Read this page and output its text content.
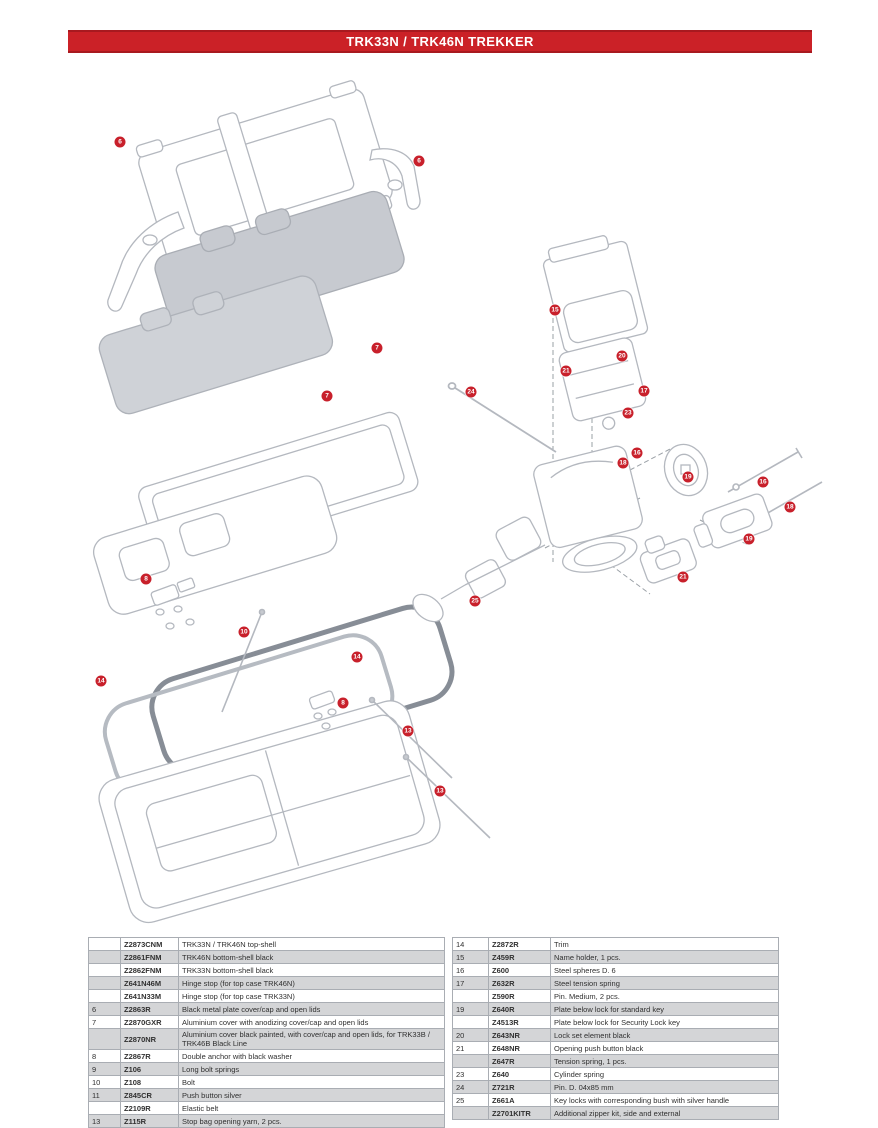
TRK33N / TRK46N TREKKER
6
6
7
7
8
10
14
14
8
13
13
15
20
21
17
23
24
16
18
19
16
18
19
21
25
	Z2873CNM	TRK33N / TRK46N top-shell
	Z2861FNM	TRK46N bottom-shell black
	Z2862FNM	TRK33N bottom-shell black
	Z641N46M	Hinge stop (for top case TRK46N)
	Z641N33M	Hinge stop (for top case TRK33N)
6	Z2863R	Black metal plate cover/cap and open lids
7	Z2870GXR	Aluminium cover with anodizing cover/cap and open lids
	Z2870NR	Aluminium cover black painted, with cover/cap and open lids, for TRK33B / TRK46B Black Line
8	Z2867R	Double anchor with black washer
9	Z106	Long bolt springs
10	Z108	Bolt
11	Z845CR	Push button silver
	Z2109R	Elastic belt
13	Z115R	Stop bag opening yarn, 2 pcs.
14	Z2872R	Trim
15	Z459R	Name holder, 1 pcs.
16	Z600	Steel spheres D. 6
17	Z632R	Steel tension spring
	Z590R	Pin. Medium, 2 pcs.
19	Z640R	Plate below lock for standard key
	Z4513R	Plate below lock for Security Lock key
20	Z643NR	Lock set element black
21	Z648NR	Opening push button black
	Z647R	Tension spring, 1 pcs.
23	Z640	Cylinder spring
24	Z721R	Pin. D. 04x85 mm
25	Z661A	Key locks with corresponding bush with silver handle
	Z2701KITR	Additional zipper kit, side and external
